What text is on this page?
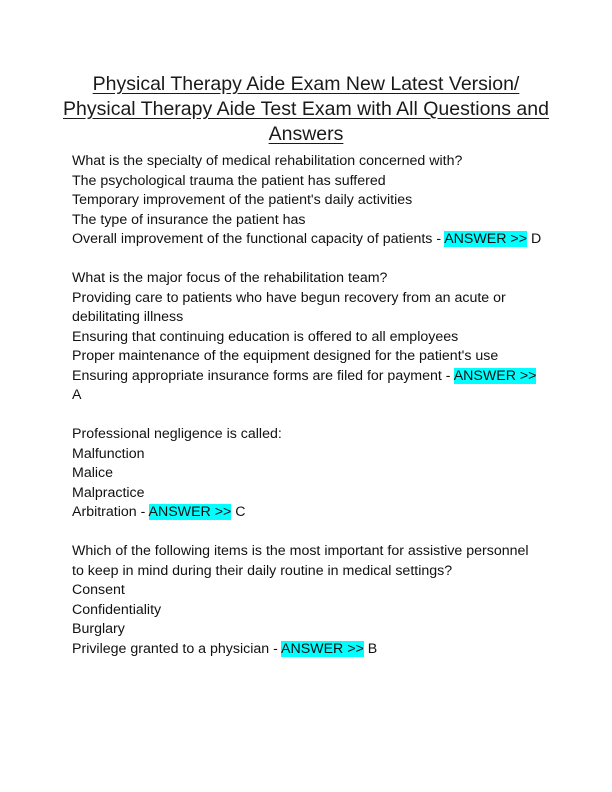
Physical Therapy Aide Exam New Latest Version/ Physical Therapy Aide Test Exam with All Questions and Answers
What is the specialty of medical rehabilitation concerned with?
The psychological trauma the patient has suffered
Temporary improvement of the patient's daily activities
The type of insurance the patient has
Overall improvement of the functional capacity of patients - ANSWER >> D
What is the major focus of the rehabilitation team?
Providing care to patients who have begun recovery from an acute or debilitating illness
Ensuring that continuing education is offered to all employees
Proper maintenance of the equipment designed for the patient's use
Ensuring appropriate insurance forms are filed for payment - ANSWER >> A
Professional negligence is called:
Malfunction
Malice
Malpractice
Arbitration - ANSWER >> C
Which of the following items is the most important for assistive personnel to keep in mind during their daily routine in medical settings?
Consent
Confidentiality
Burglary
Privilege granted to a physician - ANSWER >> B
